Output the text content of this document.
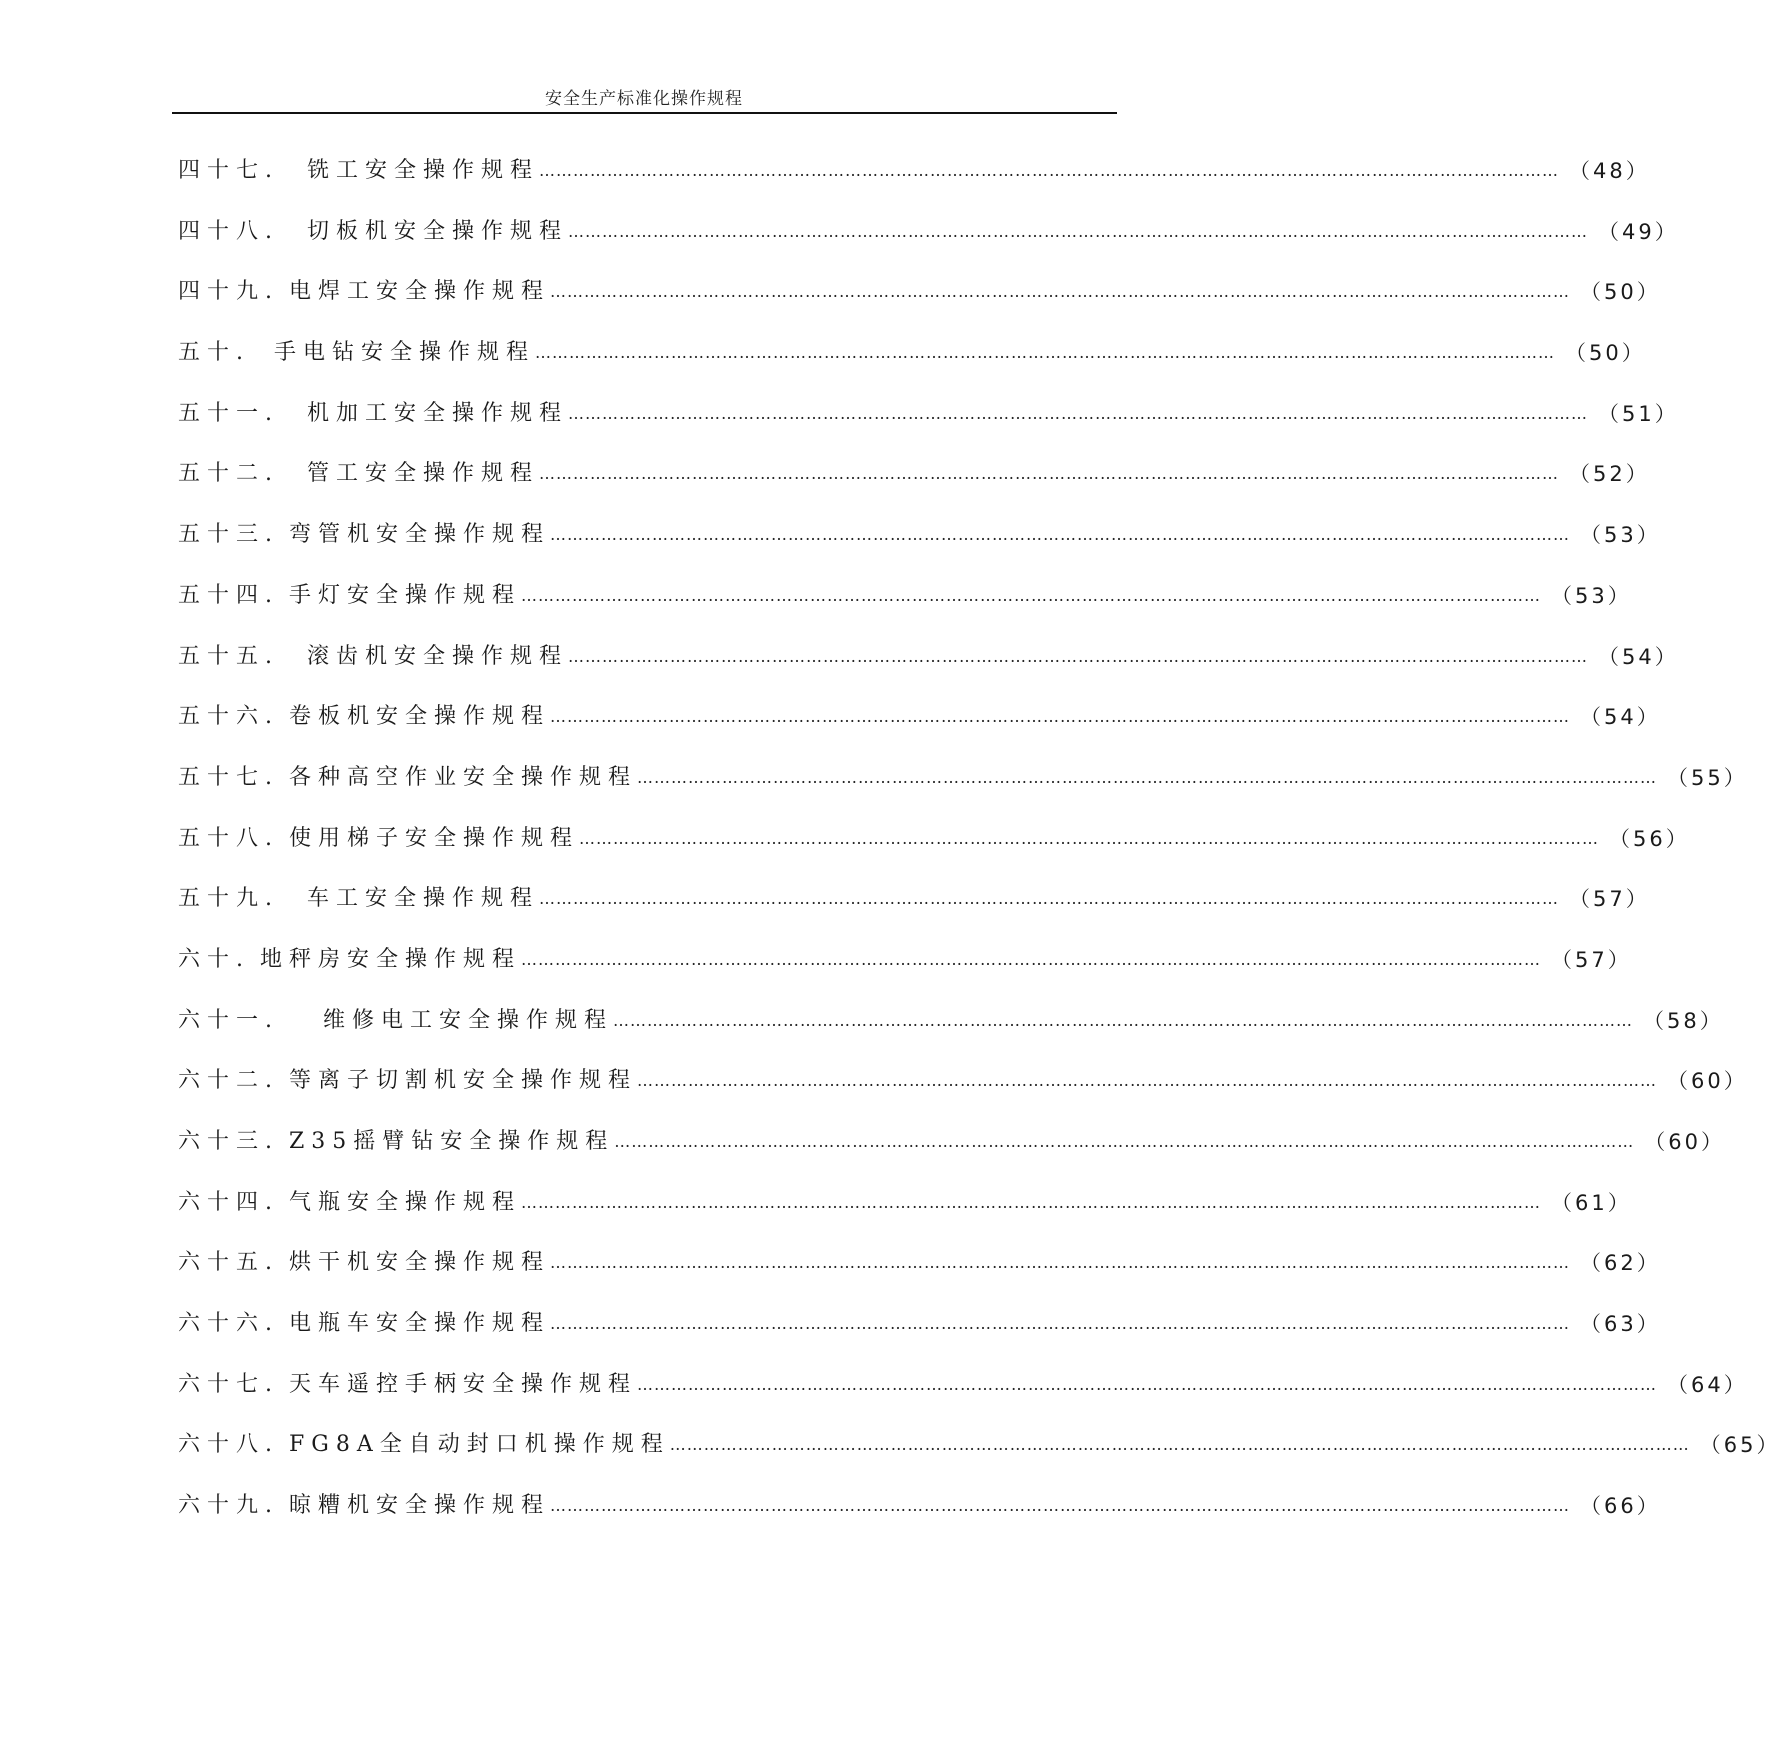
安全生产标准化操作规程
四十七. 铣工安全操作规程 ……………………………………………………………………………………………………………………………………………………………… （48）
四十八. 切板机安全操作规程 ……………………………………………………………………………………………………………………………………………………………… （49）
四十九. 电焊工安全操作规程 ……………………………………………………………………………………………………………………………………………………………… （50）
五十. 手电钻安全操作规程 ……………………………………………………………………………………………………………………………………………………………… （50）
五十一. 机加工安全操作规程 ……………………………………………………………………………………………………………………………………………………………… （51）
五十二. 管工安全操作规程 ……………………………………………………………………………………………………………………………………………………………… （52）
五十三. 弯管机安全操作规程 ……………………………………………………………………………………………………………………………………………………………… （53）
五十四. 手灯安全操作规程 ……………………………………………………………………………………………………………………………………………………………… （53）
五十五. 滚齿机安全操作规程 ……………………………………………………………………………………………………………………………………………………………… （54）
五十六. 卷板机安全操作规程 ……………………………………………………………………………………………………………………………………………………………… （54）
五十七. 各种高空作业安全操作规程 ……………………………………………………………………………………………………………………………………………………………… （55）
五十八. 使用梯子安全操作规程 ……………………………………………………………………………………………………………………………………………………………… （56）
五十九. 车工安全操作规程 ……………………………………………………………………………………………………………………………………………………………… （57）
六十. 地秤房安全操作规程 ……………………………………………………………………………………………………………………………………………………………… （57）
六十一. 维修电工安全操作规程 ……………………………………………………………………………………………………………………………………………………………… （58）
六十二. 等离子切割机安全操作规程 ……………………………………………………………………………………………………………………………………………………………… （60）
六十三. Z35摇臂钻安全操作规程 ……………………………………………………………………………………………………………………………………………………………… （60）
六十四. 气瓶安全操作规程 ……………………………………………………………………………………………………………………………………………………………… （61）
六十五. 烘干机安全操作规程 ……………………………………………………………………………………………………………………………………………………………… （62）
六十六. 电瓶车安全操作规程 ……………………………………………………………………………………………………………………………………………………………… （63）
六十七. 天车遥控手柄安全操作规程 ……………………………………………………………………………………………………………………………………………………………… （64）
六十八. FG8A全自动封口机操作规程 ……………………………………………………………………………………………………………………………………………………………… （65）
六十九. 晾糟机安全操作规程 ……………………………………………………………………………………………………………………………………………………………… （66）
